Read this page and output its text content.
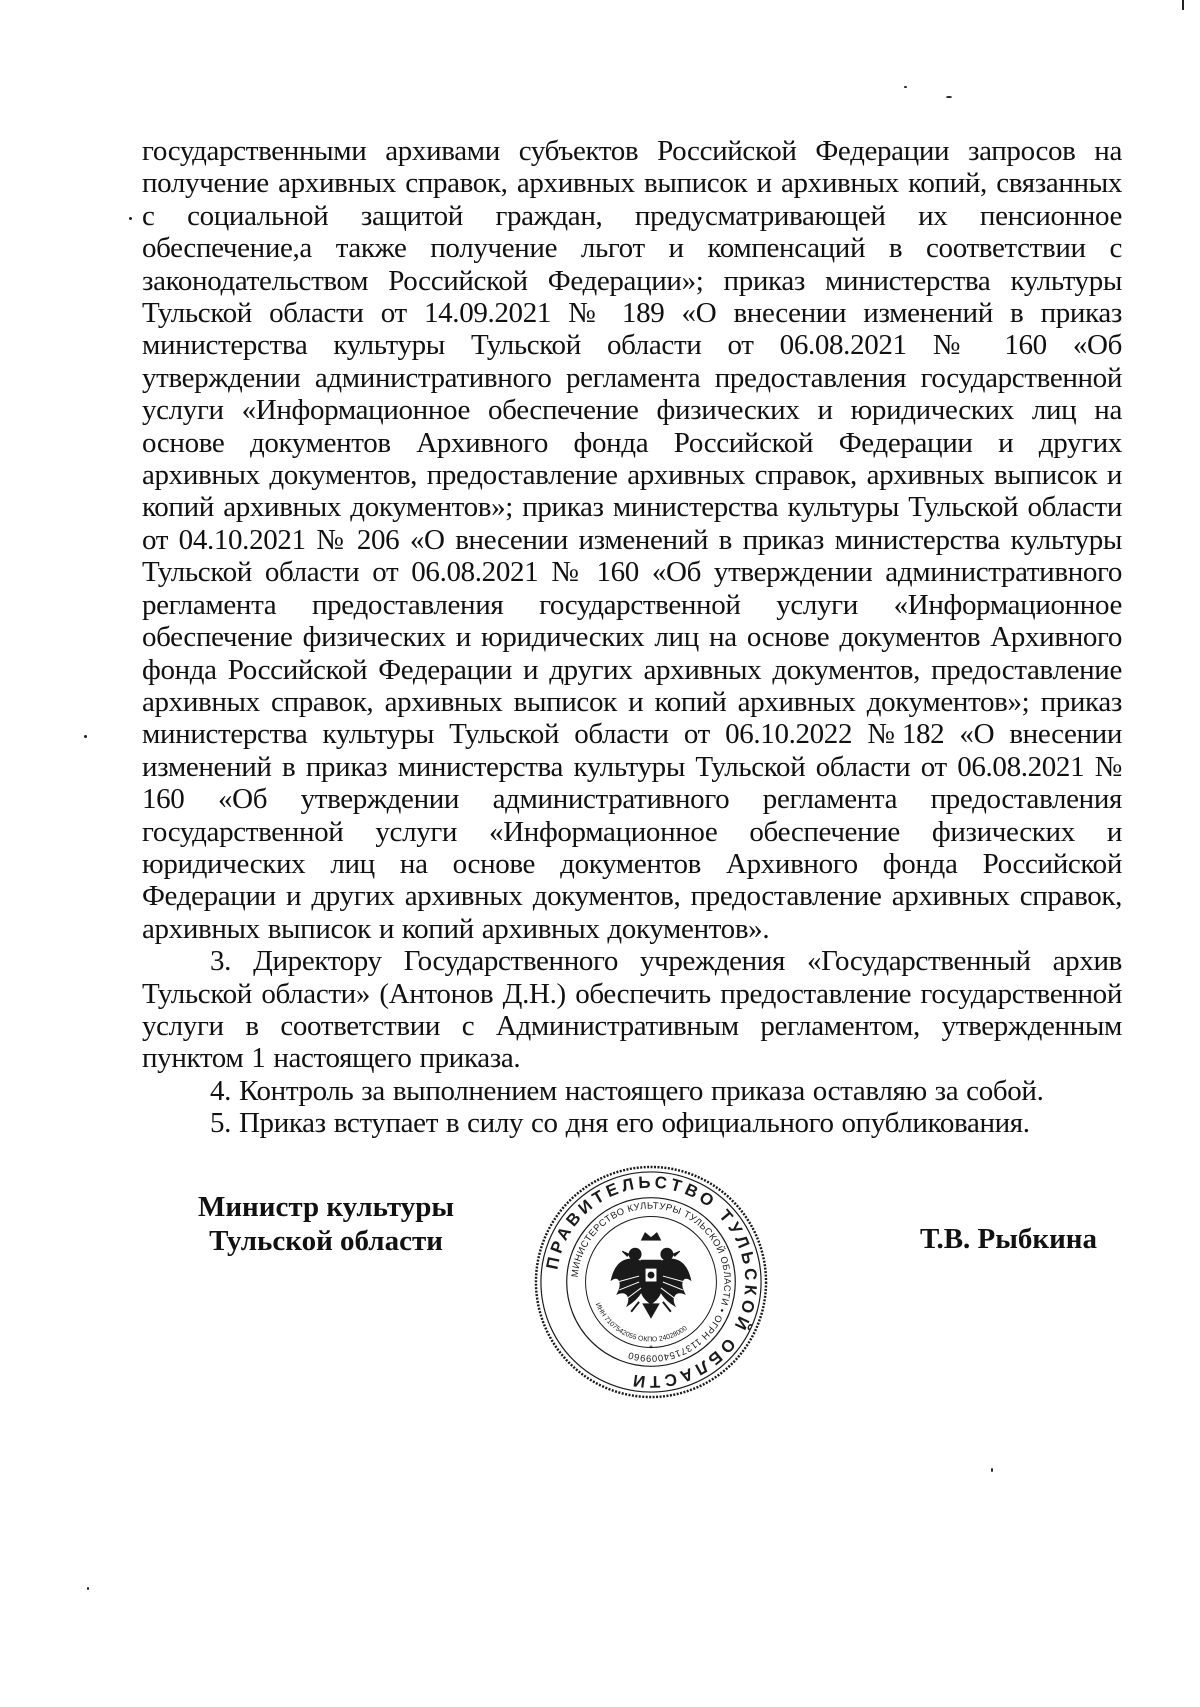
государственными архивами субъектов Российской Федерации запросов на получение архивных справок, архивных выписок и архивных копий, связанных с социальной защитой граждан, предусматривающей их пенсионное обеспечение,а также получение льгот и компенсаций в соответствии с законодательством Российской Федерации»; приказ министерства культуры Тульской области от 14.09.2021 № 189 «О внесении изменений в приказ министерства культуры Тульской области от 06.08.2021 № 160 «Об утверждении административного регламента предоставления государственной услуги «Информационное обеспечение физических и юридических лиц на основе документов Архивного фонда Российской Федерации и других архивных документов, предоставление архивных справок, архивных выписок и копий архивных документов»; приказ министерства культуры Тульской области от 04.10.2021 № 206 «О внесении изменений в приказ министерства культуры Тульской области от 06.08.2021 № 160 «Об утверждении административного регламента предоставления государственной услуги «Информационное обеспечение физических и юридических лиц на основе документов Архивного фонда Российской Федерации и других архивных документов, предоставление архивных справок, архивных выписок и копий архивных документов»; приказ министерства культуры Тульской области от 06.10.2022 №182 «О внесении изменений в приказ министерства культуры Тульской области от 06.08.2021 № 160 «Об утверждении административного регламента предоставления государственной услуги «Информационное обеспечение физических и юридических лиц на основе документов Архивного фонда Российской Федерации и других архивных документов, предоставление архивных справок, архивных выписок и копий архивных документов».

3. Директору Государственного учреждения «Государственный архив Тульской области» (Антонов Д.Н.) обеспечить предоставление государственной услуги в соответствии с Административным регламентом, утвержденным пунктом 1 настоящего приказа.

4. Контроль за выполнением настоящего приказа оставляю за собой.

5. Приказ вступает в силу со дня его официального опубликования.

Министр культуры
Тульской области
ПРАВИТЕЛЬСТВО ТУЛЬСКОЙ ОБЛАСТИ
МИНИСТЕРСТВО КУЛЬТУРЫ ТУЛЬСКОЙ ОБЛАСТИ • ОГРН 1137154009960
ИНН 7107542055 ОКПО 24028000
*
Т.В. Рыбкина
